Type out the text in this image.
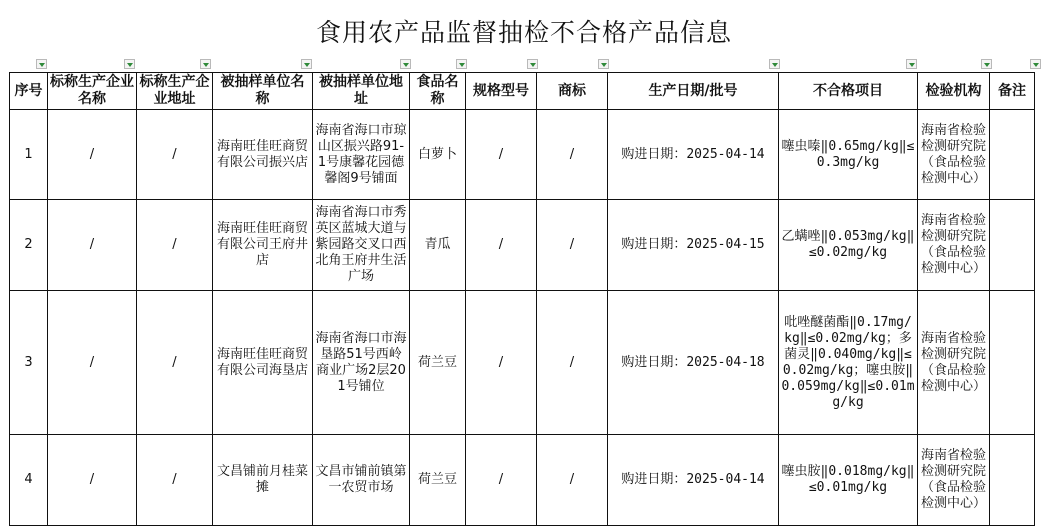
食用农产品监督抽检不合格产品信息
序号	标称生产企业名称	标称生产企业地址	被抽样单位名称	被抽样单位地址	食品名称	规格型号	商标	生产日期/批号	不合格项目	检验机构	备注
1	/	/	海南旺佳旺商贸有限公司振兴店	海南省海口市琼山区振兴路91-1号康馨花园德馨阁9号铺面	白萝卜	/	/	购进日期：2025-04-14	噻虫嗪‖0.65mg/kg‖≤0.3mg/kg	海南省检验检测研究院（食品检验检测中心）	
2	/	/	海南旺佳旺商贸有限公司王府井店	海南省海口市秀英区蓝城大道与紫园路交叉口西北角王府井生活广场	青瓜	/	/	购进日期：2025-04-15	乙螨唑‖0.053mg/kg‖≤0.02mg/kg	海南省检验检测研究院（食品检验检测中心）	
3	/	/	海南旺佳旺商贸有限公司海垦店	海南省海口市海垦路51号西岭商业广场2层201号铺位	荷兰豆	/	/	购进日期：2025-04-18	吡唑醚菌酯‖0.17mg/kg‖≤0.02mg/kg；多菌灵‖0.040mg/kg‖≤0.02mg/kg；噻虫胺‖0.059mg/kg‖≤0.01mg/kg	海南省检验检测研究院（食品检验检测中心）	
4	/	/	文昌铺前月桂菜摊	文昌市铺前镇第一农贸市场	荷兰豆	/	/	购进日期：2025-04-14	噻虫胺‖0.018mg/kg‖≤0.01mg/kg	海南省检验检测研究院（食品检验检测中心）	
